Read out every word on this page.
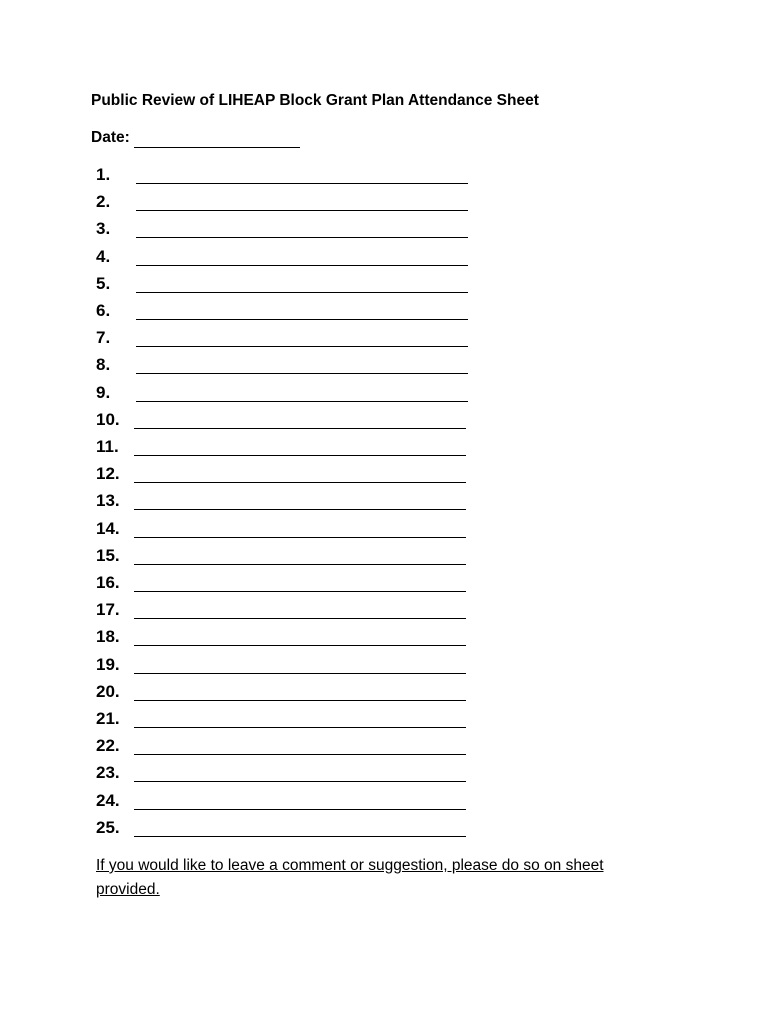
Public Review of LIHEAP Block Grant Plan Attendance Sheet
Date:
1.
2.
3.
4.
5.
6.
7.
8.
9.
10.
11.
12.
13.
14.
15.
16.
17.
18.
19.
20.
21.
22.
23.
24.
25.
If you would like to leave a comment or suggestion, please do so on sheet provided.
